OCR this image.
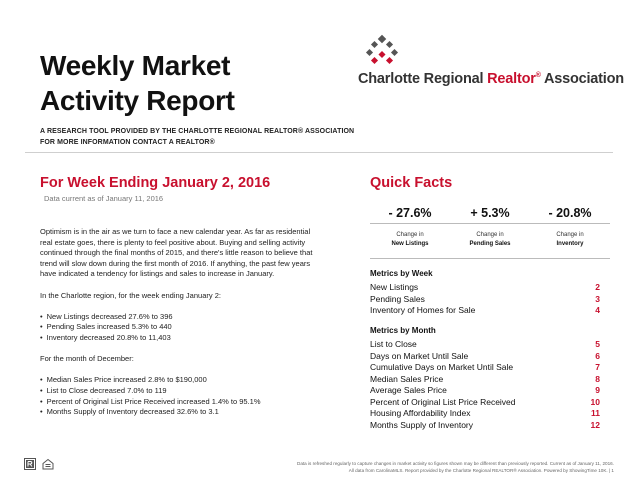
Weekly Market
Activity Report
A RESEARCH TOOL PROVIDED BY THE CHARLOTTE REGIONAL REALTOR® ASSOCIATION
FOR MORE INFORMATION CONTACT A REALTOR®
Charlotte Regional Realtor® Association
For Week Ending January 2, 2016
Data current as of January 11, 2016

Optimism is in the air as we turn to face a new calendar year. As far as residential real estate goes, there is plenty to feel positive about. Buying and selling activity continued through the final months of 2015, and there's little reason to believe that trend will slow down during the first month of 2016. If anything, the past few years have indicated a tendency for listings and sales to increase in January.

In the Charlotte region, for the week ending January 2:

• New Listings decreased 27.6% to 396
• Pending Sales increased 5.3% to 440
• Inventory decreased 20.8% to 11,403

For the month of December:

• Median Sales Price increased 2.8% to $190,000
• List to Close decreased 7.0% to 119
• Percent of Original List Price Received increased 1.4% to 95.1%
• Months Supply of Inventory decreased 32.6% to 3.1
Quick Facts
- 27.6%	+ 5.3%	- 20.8%
Change in
New Listings
Change in
Pending Sales
Change in
Inventory
Metrics by Week
New Listings	2
Pending Sales	3
Inventory of Homes for Sale	4
Metrics by Month
List to Close	5
Days on Market Until Sale	6
Cumulative Days on Market Until Sale	7
Median Sales Price	8
Average Sales Price	9
Percent of Original List Price Received	10
Housing Affordability Index	11
Months Supply of Inventory	12
Data is refreshed regularly to capture changes in market activity so figures shown may be different than previously reported. Current as of January 11, 2016.
All data from CarolinaMLS. Report provided by the Charlotte Regional REALTOR® Association. Powered by ShowingTime 10K. | 1
